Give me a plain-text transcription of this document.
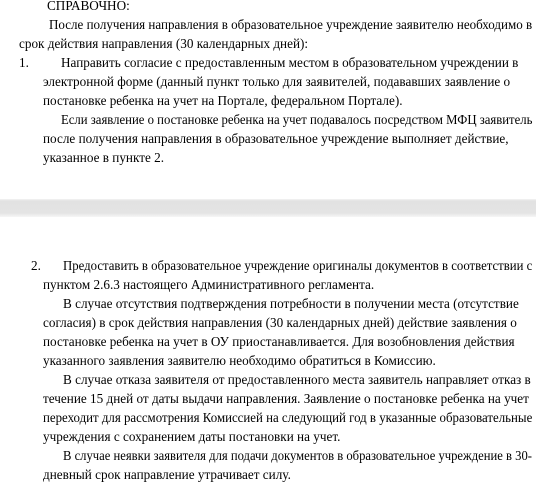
СПРАВОЧНО:
После получения направления в образовательное учреждение заявителю необходимо в
срок действия направления (30 календарных дней):
1. Направить согласие с предоставленным местом в образовательном учреждении в
электронной форме (данный пункт только для заявителей, подававших заявление о
постановке ребенка на учет на Портале, федеральном Портале).
Если заявление о постановке ребенка на учет подавалось посредством МФЦ заявитель
после получения направления в образовательное учреждение выполняет действие,
указанное в пункте 2.
2. Предоставить в образовательное учреждение оригиналы документов в соответствии с
пунктом 2.6.3 настоящего Административного регламента.
В случае отсутствия подтверждения потребности в получении места (отсутствие
согласия) в срок действия направления (30 календарных дней) действие заявления о
постановке ребенка на учет в ОУ приостанавливается. Для возобновления действия
указанного заявления заявителю необходимо обратиться в Комиссию.
В случае отказа заявителя от предоставленного места заявитель направляет отказ в
течение 15 дней от даты выдачи направления. Заявление о постановке ребенка на учет
переходит для рассмотрения Комиссией на следующий год в указанные образовательные
учреждения с сохранением даты постановки на учет.
В случае неявки заявителя для подачи документов в образовательное учреждение в 30-
дневный срок направление утрачивает силу.
